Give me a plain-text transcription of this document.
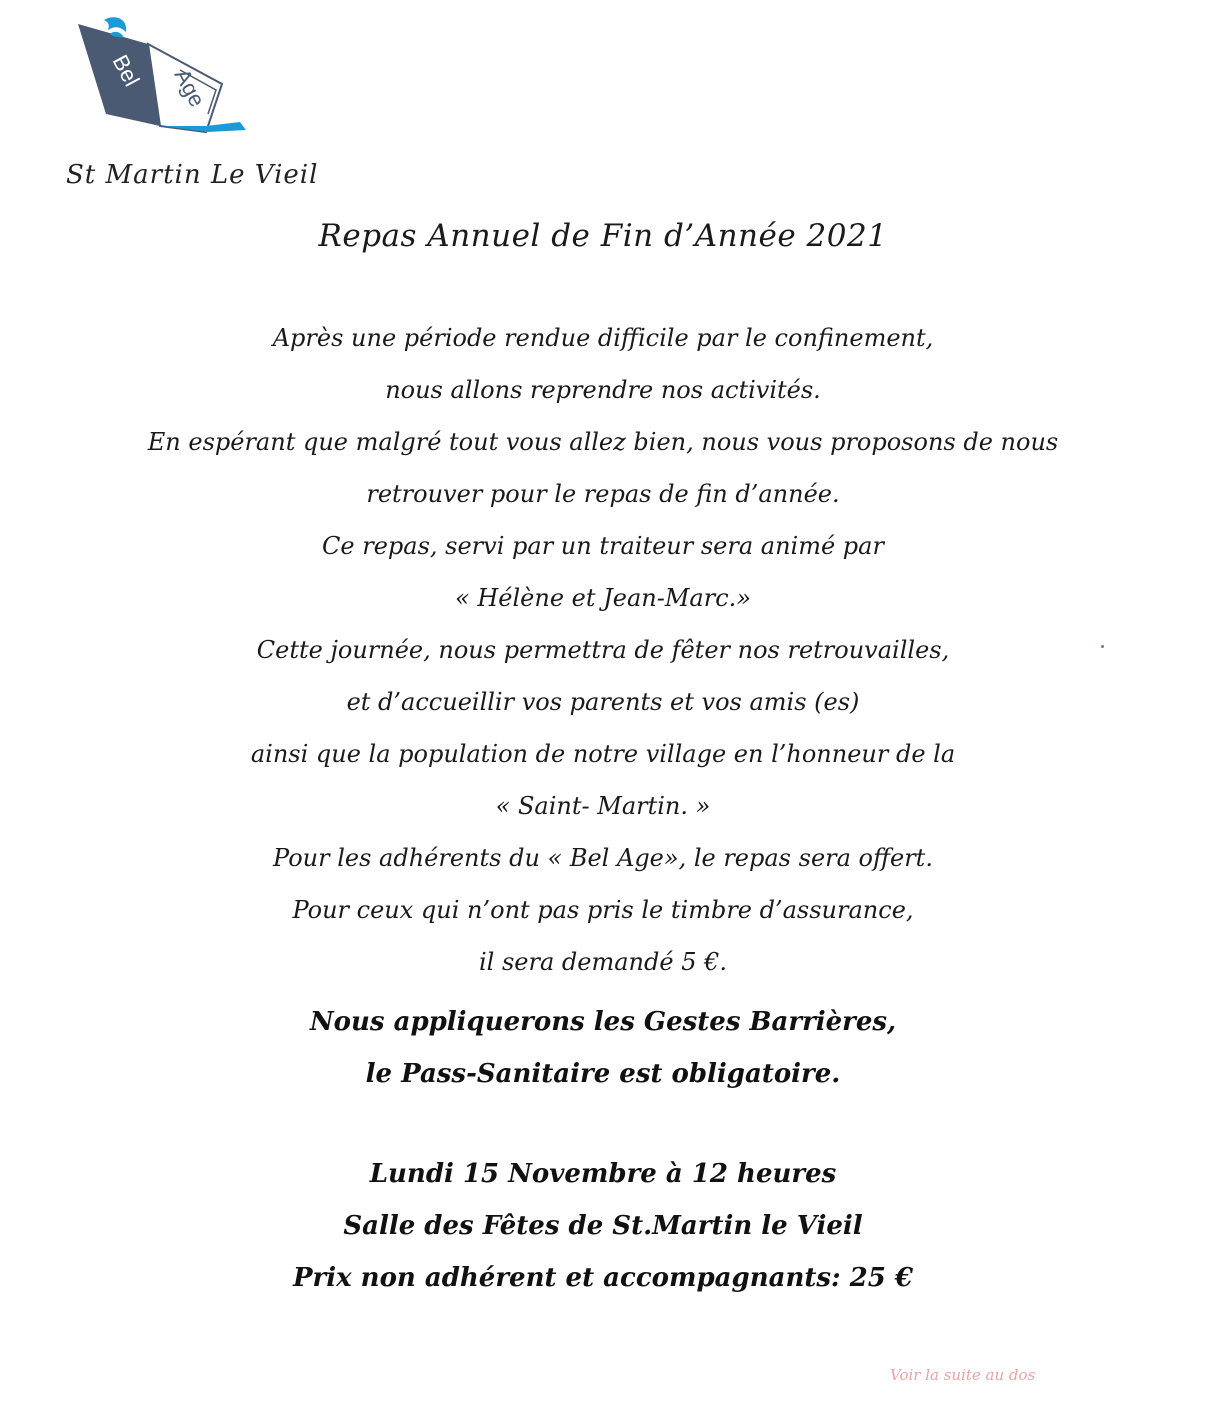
Bel Age
St Martin Le Vieil
Repas Annuel de Fin d’Année 2021
Après une période rendue difficile par le confinement,
nous allons reprendre nos activités.
En espérant que malgré tout vous allez bien, nous vous proposons de nous
retrouver pour le repas de fin d’année.
Ce repas, servi par un traiteur sera animé par
« Hélène et Jean-Marc.»
Cette journée, nous permettra de fêter nos retrouvailles,
et d’accueillir vos parents et vos amis (es)
ainsi que la population de notre village en l’honneur de la
« Saint- Martin. »
Pour les adhérents du « Bel Age», le repas sera offert.
Pour ceux qui n’ont pas pris le timbre d’assurance,
il sera demandé 5 €.
Nous appliquerons les Gestes Barrières,
le Pass-Sanitaire est obligatoire.
Lundi 15 Novembre à 12 heures
Salle des Fêtes de St.Martin le Vieil
Prix non adhérent et accompagnants: 25 €
Voir la suite au dos
